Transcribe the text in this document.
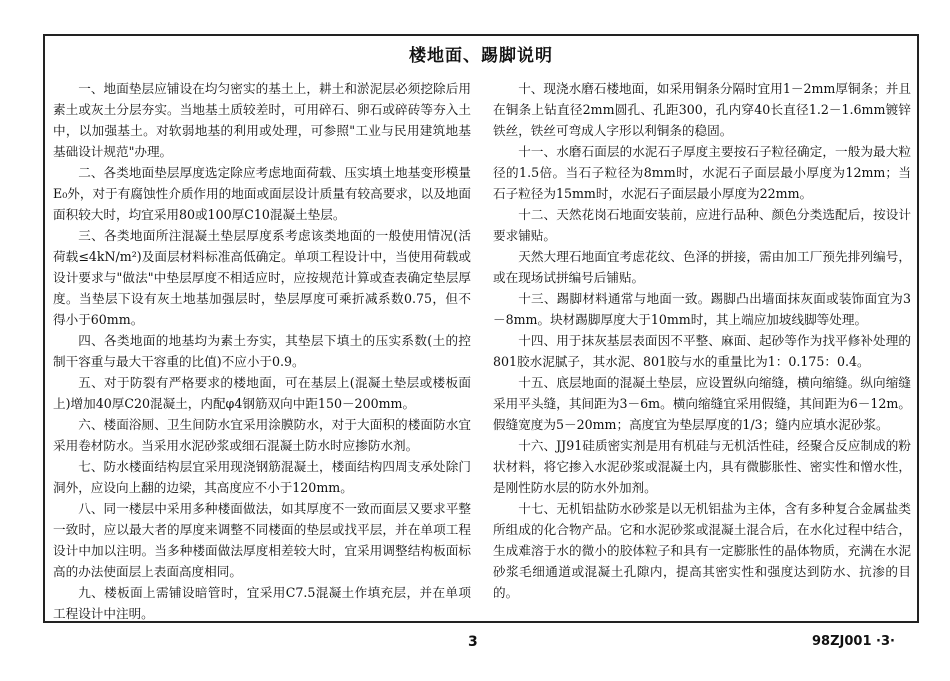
楼地面、踢脚说明

一、地面垫层应铺设在均匀密实的基土上，耕土和淤泥层必须挖除后用素土或灰土分层夯实。当地基土质较差时，可用碎石、卵石或碎砖等夯入土中，以加强基土。对软弱地基的利用或处理，可参照"工业与民用建筑地基基础设计规范"办理。

二、各类地面垫层厚度选定除应考虑地面荷载、压实填土地基变形模量E₀外，对于有腐蚀性介质作用的地面或面层设计质量有较高要求，以及地面面积较大时，均宜采用80或100厚C10混凝土垫层。

三、各类地面所注混凝土垫层厚度系考虑该类地面的一般使用情况(活荷载≤4kN/m²)及面层材料标准高低确定。单项工程设计中，当使用荷载或设计要求与"做法"中垫层厚度不相适应时，应按规范计算或查表确定垫层厚度。当垫层下设有灰土地基加强层时，垫层厚度可乘折减系数0.75，但不得小于60mm。

四、各类地面的地基均为素土夯实，其垫层下填土的压实系数(土的控制干容重与最大干容重的比值)不应小于0.9。

五、对于防裂有严格要求的楼地面，可在基层上(混凝土垫层或楼板面上)增加40厚C20混凝土，内配φ4钢筋双向中距150－200mm。

六、楼面浴厕、卫生间防水宜采用涂膜防水，对于大面积的楼面防水宜采用卷材防水。当采用水泥砂浆或细石混凝土防水时应掺防水剂。

七、防水楼面结构层宜采用现浇钢筋混凝土，楼面结构四周支承处除门洞外，应设向上翻的边梁，其高度应不小于120mm。

八、同一楼层中采用多种楼面做法，如其厚度不一致而面层又要求平整一致时，应以最大者的厚度来调整不同楼面的垫层或找平层，并在单项工程设计中加以注明。当多种楼面做法厚度相差较大时，宜采用调整结构板面标高的办法使面层上表面高度相同。

九、楼板面上需铺设暗管时，宜采用C7.5混凝土作填充层，并在单项工程设计中注明。

十、现浇水磨石楼地面，如采用铜条分隔时宜用1－2mm厚铜条；并且在铜条上钻直径2mm圆孔、孔距300，孔内穿40长直径1.2－1.6mm镀锌铁丝，铁丝可弯成人字形以利铜条的稳固。

十一、水磨石面层的水泥石子厚度主要按石子粒径确定，一般为最大粒径的1.5倍。当石子粒径为8mm时，水泥石子面层最小厚度为12mm；当石子粒径为15mm时，水泥石子面层最小厚度为22mm。

十二、天然花岗石地面安装前，应进行品种、颜色分类选配后，按设计要求铺贴。

天然大理石地面宜考虑花纹、色泽的拼接，需由加工厂预先排列编号，或在现场试拼编号后铺贴。

十三、踢脚材料通常与地面一致。踢脚凸出墙面抹灰面或装饰面宜为3－8mm。块材踢脚厚度大于10mm时，其上端应加坡线脚等处理。

十四、用于抹灰基层表面因不平整、麻面、起砂等作为找平修补处理的801胶水泥腻子，其水泥、801胶与水的重量比为1：0.175：0.4。

十五、底层地面的混凝土垫层，应设置纵向缩缝，横向缩缝。纵向缩缝采用平头缝，其间距为3－6m。横向缩缝宜采用假缝，其间距为6－12m。假缝宽度为5－20mm；高度宜为垫层厚度的1/3；缝内应填水泥砂浆。

十六、JJ91硅质密实剂是用有机硅与无机活性硅，经聚合反应制成的粉状材料，将它掺入水泥砂浆或混凝土内，具有微膨胀性、密实性和憎水性，是刚性防水层的防水外加剂。

十七、无机铝盐防水砂浆是以无机铝盐为主体，含有多种复合金属盐类所组成的化合物产品。它和水泥砂浆或混凝土混合后，在水化过程中结合，生成难溶于水的微小的胶体粒子和具有一定膨胀性的晶体物质，充满在水泥砂浆毛细通道或混凝土孔隙内，提高其密实性和强度达到防水、抗渗的目的。

3	98ZJ001 ·3·
